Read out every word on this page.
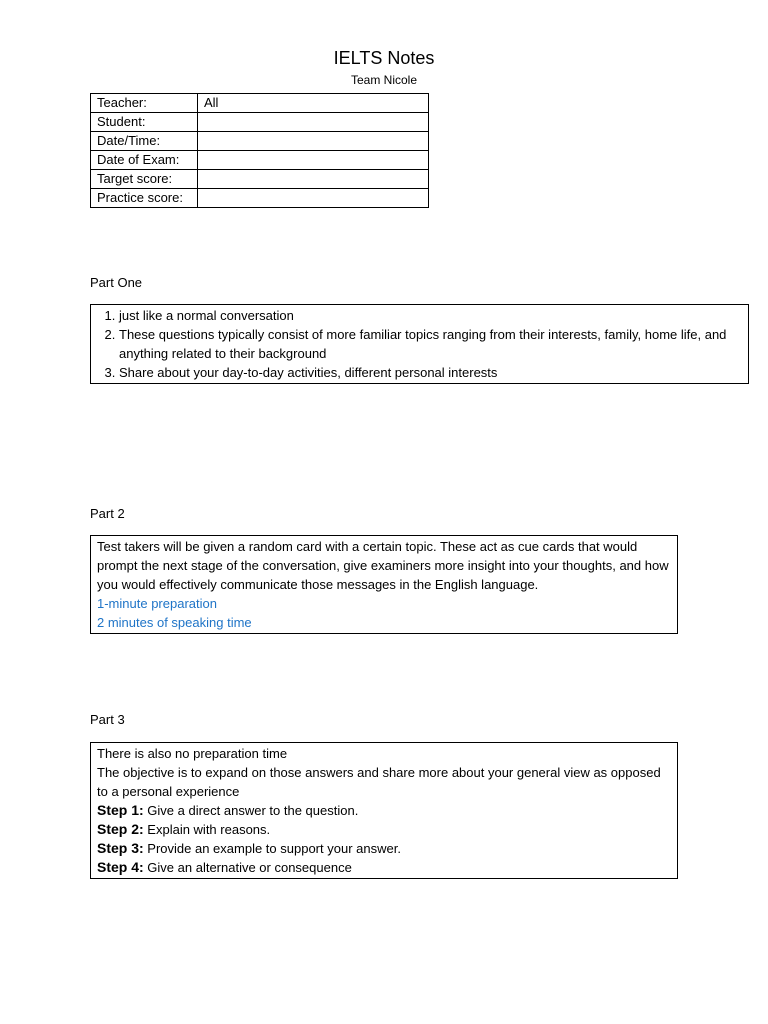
IELTS Notes
Team Nicole
Teacher:	All
Student:	
Date/Time:	
Date of Exam:	
Target score:	
Practice score:	
Part One
1. just like a normal conversation
2. These questions typically consist of more familiar topics ranging from their interests, family, home life, and anything related to their background
3. Share about your day-to-day activities, different personal interests
Part 2
Test takers will be given a random card with a certain topic. These act as cue cards that would prompt the next stage of the conversation, give examiners more insight into your thoughts, and how you would effectively communicate those messages in the English language.
1-minute preparation
2 minutes of speaking time
Part 3
There is also no preparation time
The objective is to expand on those answers and share more about your general view as opposed to a personal experience
Step 1: Give a direct answer to the question.
Step 2: Explain with reasons.
Step 3: Provide an example to support your answer.
Step 4: Give an alternative or consequence
